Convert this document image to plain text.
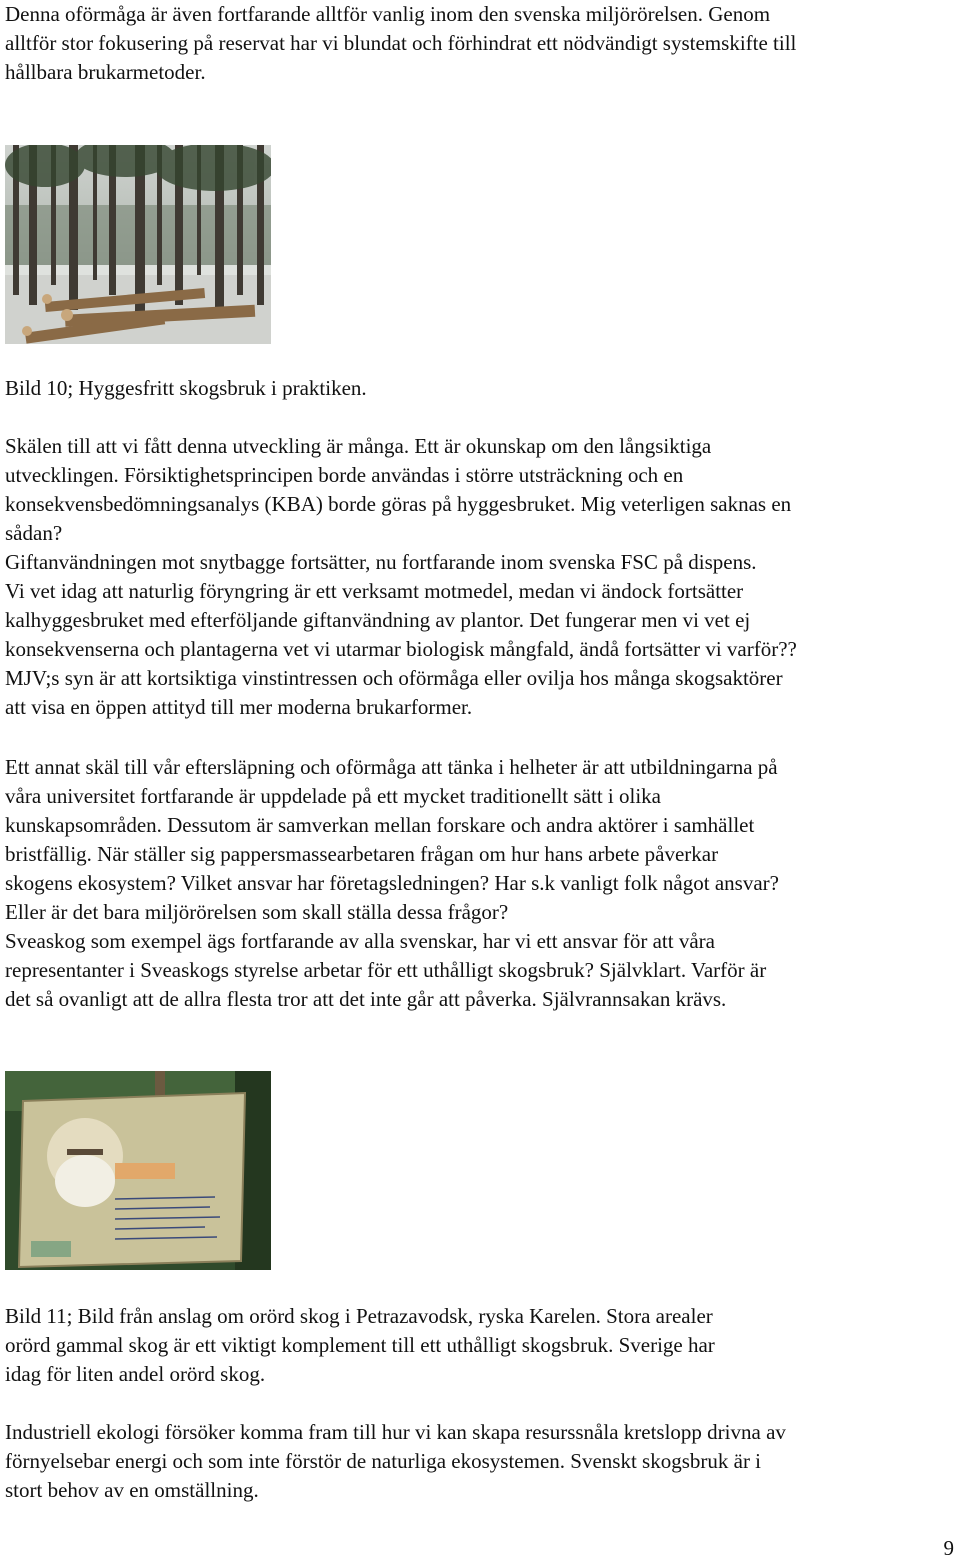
Denna oförmåga är även fortfarande alltför vanlig inom den svenska miljörörelsen. Genom
alltför stor fokusering på reservat har vi blundat och förhindrat ett nödvändigt systemskifte till
hållbara brukarmetoder.
Bild 10; Hyggesfritt skogsbruk i praktiken.
Skälen till att vi fått denna utveckling är många. Ett är okunskap om den långsiktiga
utvecklingen. Försiktighetsprincipen borde användas i större utsträckning och en
konsekvensbedömningsanalys (KBA) borde göras på hyggesbruket. Mig veterligen saknas en
sådan?
Giftanvändningen mot snytbagge fortsätter, nu fortfarande inom svenska FSC på dispens.
Vi vet idag att naturlig föryngring är ett verksamt motmedel, medan vi ändock fortsätter
kalhyggesbruket med efterföljande giftanvändning av plantor. Det fungerar men vi vet ej
konsekvenserna och plantagerna vet vi utarmar biologisk mångfald, ändå fortsätter vi varför??
MJV;s syn är att kortsiktiga vinstintressen och oförmåga eller ovilja hos många skogsaktörer
att visa en öppen attityd till mer moderna brukarformer.
Ett annat skäl till vår eftersläpning och oförmåga att tänka i helheter är att utbildningarna på
våra universitet fortfarande är uppdelade på ett mycket traditionellt sätt i olika
kunskapsområden. Dessutom är samverkan mellan forskare och andra aktörer i samhället
bristfällig. När ställer sig pappersmassearbetaren frågan om hur hans arbete påverkar
skogens ekosystem? Vilket ansvar har företagsledningen? Har s.k vanligt folk något ansvar?
Eller är det bara miljörörelsen som skall ställa dessa frågor?
Sveaskog som exempel ägs fortfarande av alla svenskar, har vi ett ansvar för att våra
representanter i Sveaskogs styrelse arbetar för ett uthålligt skogsbruk? Självklart. Varför är
det så ovanligt att de allra flesta tror att det inte går att påverka. Självrannsakan krävs.
Bild 11; Bild från anslag om orörd skog i Petrazavodsk, ryska Karelen. Stora arealer
orörd gammal skog är ett viktigt komplement till ett uthålligt skogsbruk. Sverige har
idag för liten andel orörd skog.
Industriell ekologi försöker komma fram till hur vi kan skapa resurssnåla kretslopp drivna av
förnyelsebar energi och som inte förstör de naturliga ekosystemen. Svenskt skogsbruk är i
stort behov av en omställning.
9
